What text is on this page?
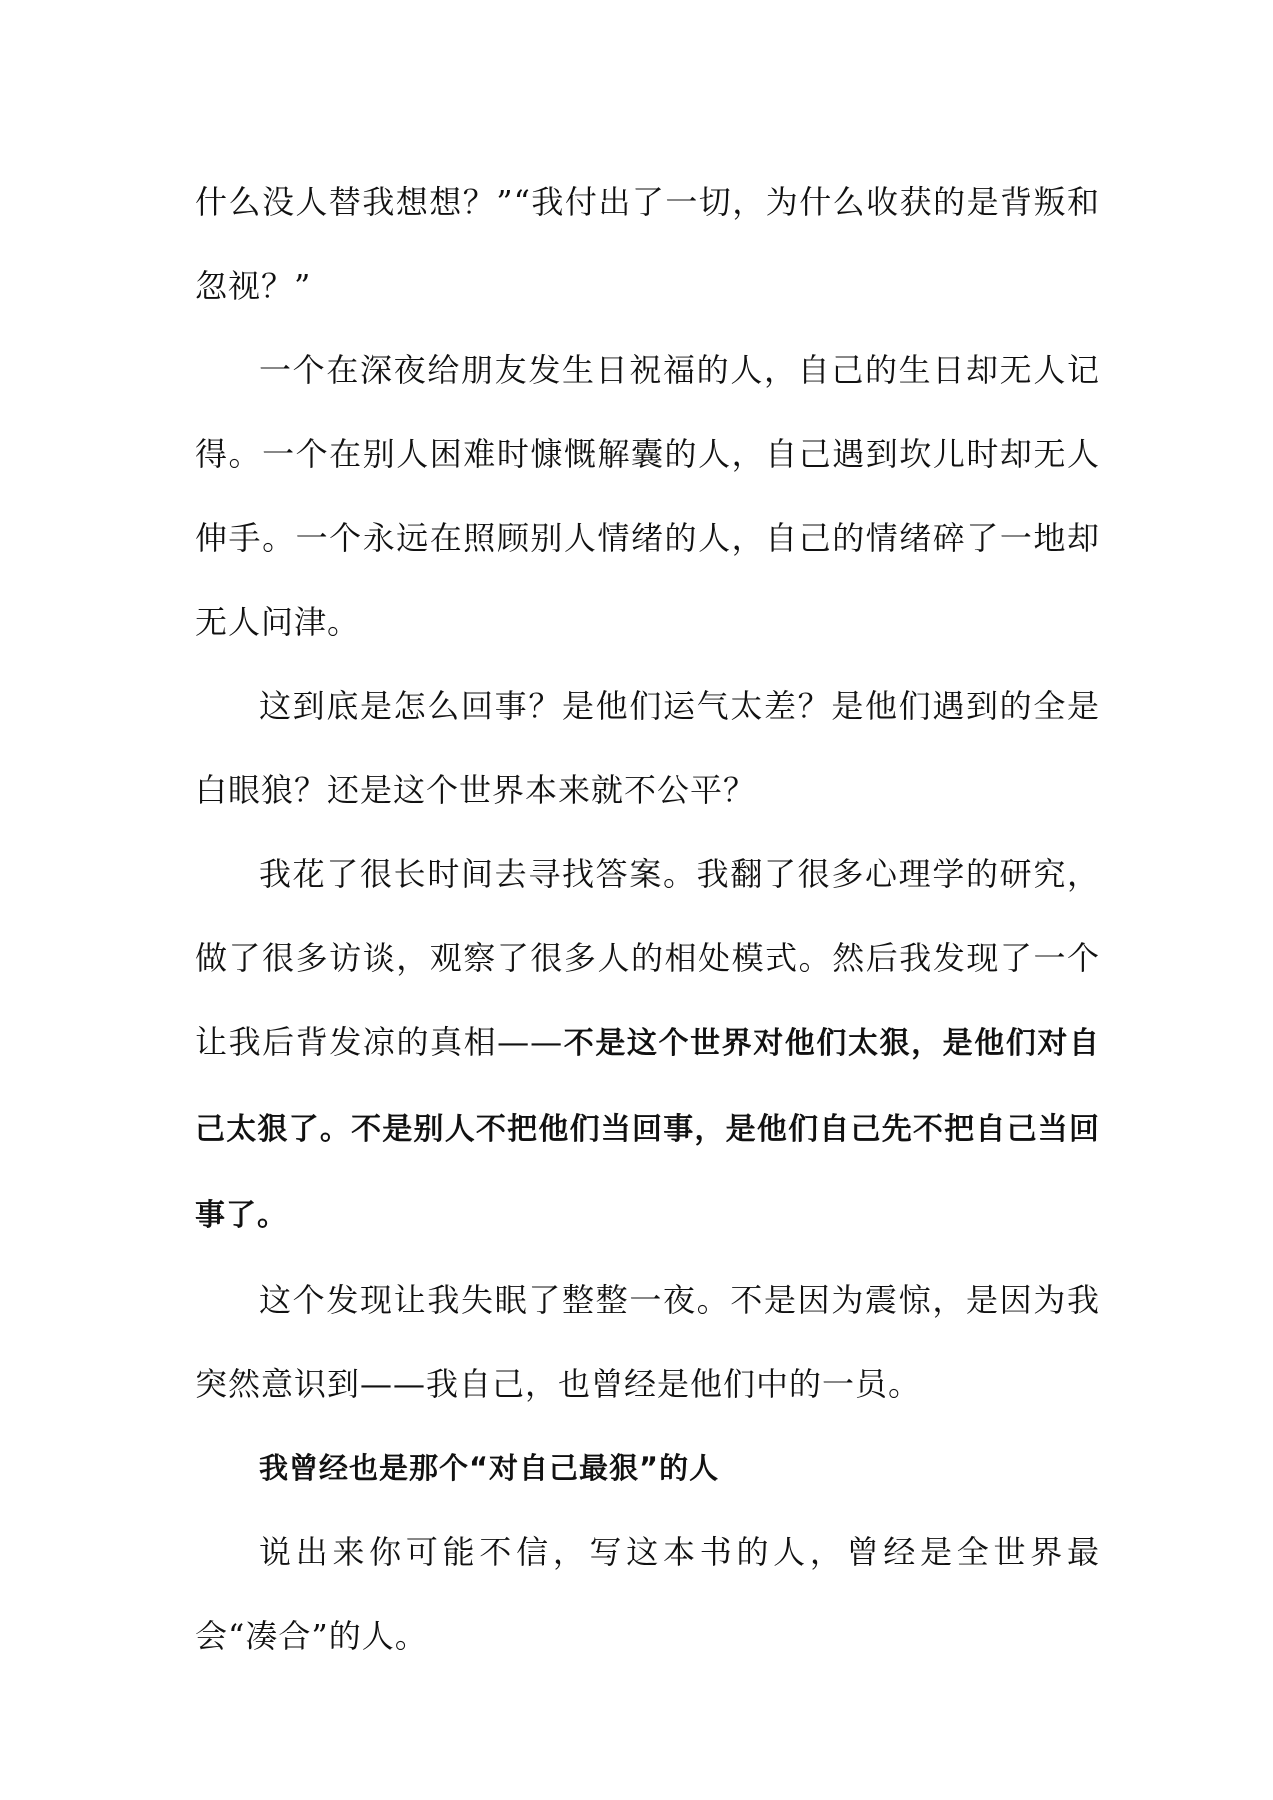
什么没人替我想想？”“我付出了一切，为什么收获的是背叛和忽视？”

一个在深夜给朋友发生日祝福的人，自己的生日却无人记得。一个在别人困难时慷慨解囊的人，自己遇到坎儿时却无人伸手。一个永远在照顾别人情绪的人，自己的情绪碎了一地却无人问津。

这到底是怎么回事？是他们运气太差？是他们遇到的全是白眼狼？还是这个世界本来就不公平？

我花了很长时间去寻找答案。我翻了很多心理学的研究，做了很多访谈，观察了很多人的相处模式。然后我发现了一个让我后背发凉的真相——不是这个世界对他们太狠，是他们对自己太狠了。不是别人不把他们当回事，是他们自己先不把自己当回事了。

这个发现让我失眠了整整一夜。不是因为震惊，是因为我突然意识到——我自己，也曾经是他们中的一员。

我曾经也是那个“对自己最狠”的人

说出来你可能不信，写这本书的人，曾经是全世界最会“凑合”的人。
